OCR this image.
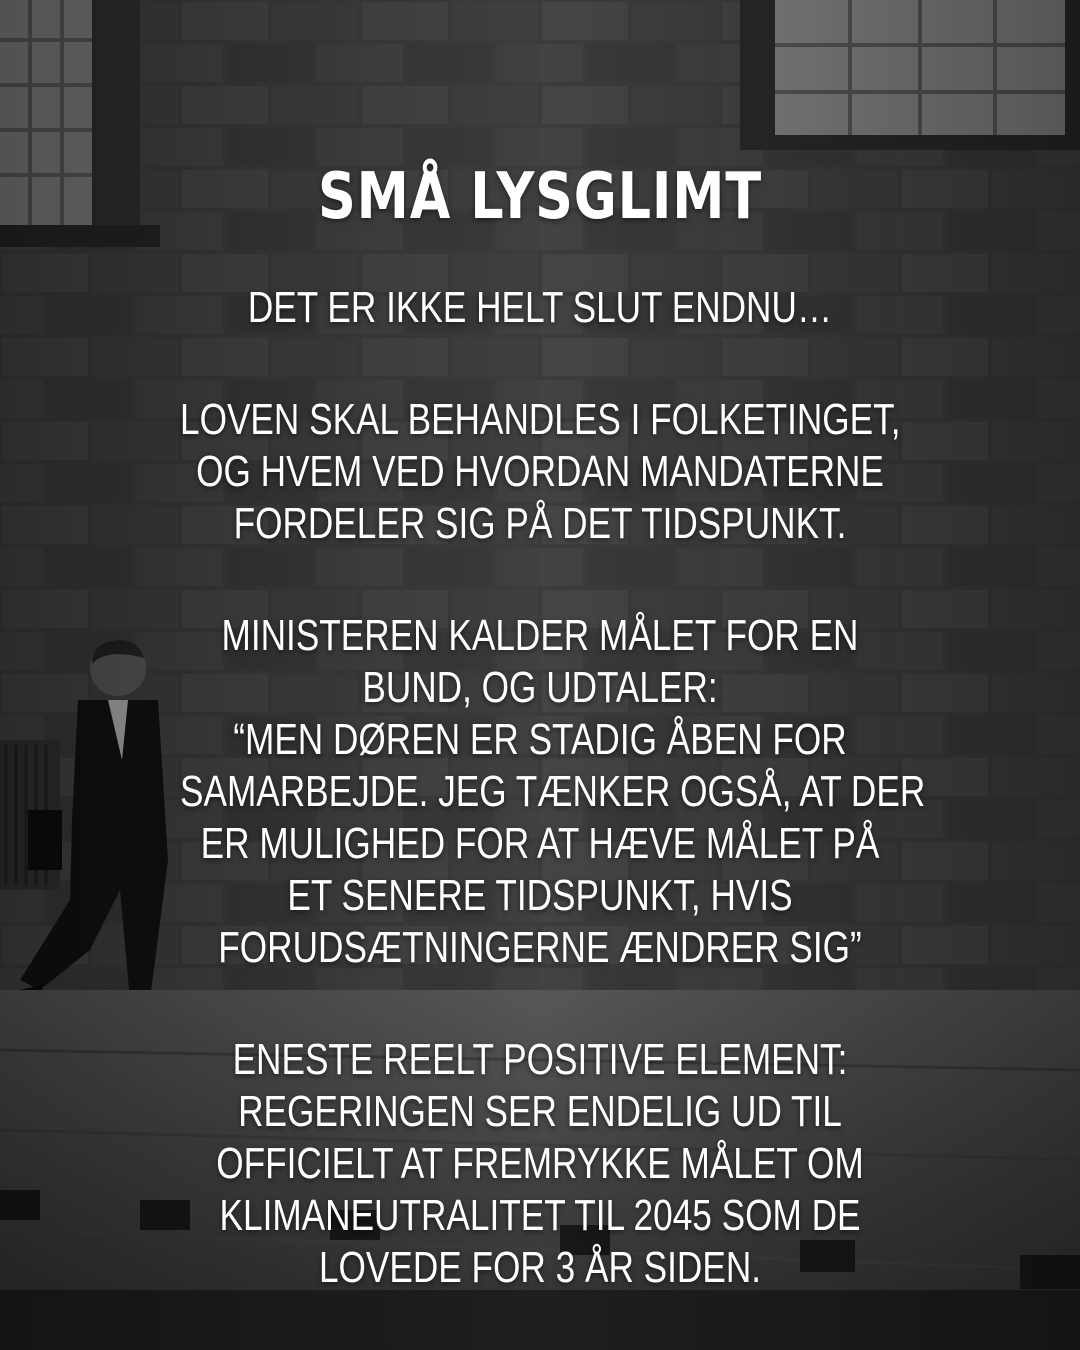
SMÅ LYSGLIMT
DET ER IKKE HELT SLUT ENDNU…
LOVEN SKAL BEHANDLES I FOLKETINGET,
OG HVEM VED HVORDAN MANDATERNE
FORDELER SIG PÅ DET TIDSPUNKT.
MINISTEREN KALDER MÅLET FOR EN
BUND, OG UDTALER:
“MEN DØREN ER STADIG ÅBEN FOR
SAMARBEJDE. JEG TÆNKER OGSÅ, AT DER
ER MULIGHED FOR AT HÆVE MÅLET PÅ
ET SENERE TIDSPUNKT, HVIS
FORUDSÆTNINGERNE ÆNDRER SIG”
ENESTE REELT POSITIVE ELEMENT:
REGERINGEN SER ENDELIG UD TIL
OFFICIELT AT FREMRYKKE MÅLET OM
KLIMANEUTRALITET TIL 2045 SOM DE
LOVEDE FOR 3 ÅR SIDEN.
